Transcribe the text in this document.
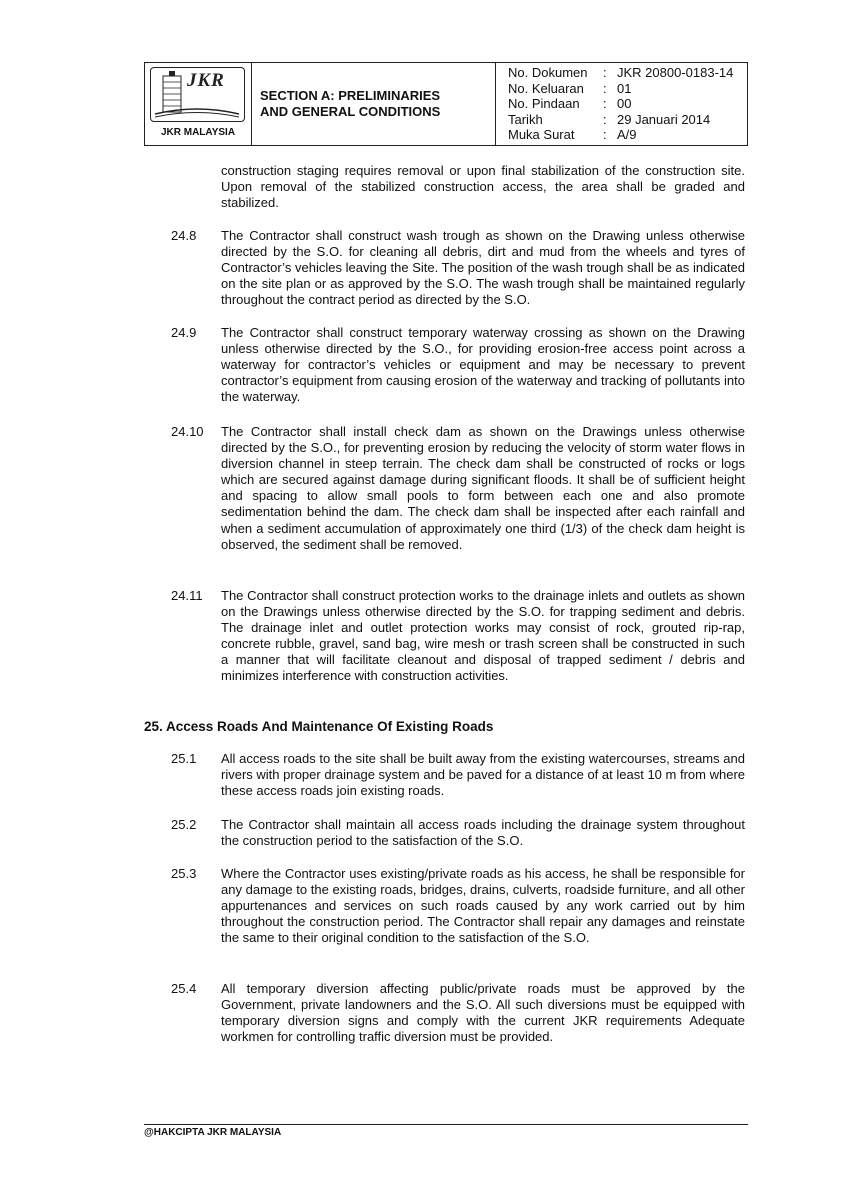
JKR
JKR MALAYSIA
SECTION A: PRELIMINARIES
AND GENERAL CONDITIONS
No. Dokumen	: JKR 20800-0183-14
No. Keluaran	: 01
No. Pindaan	: 00
Tarikh	: 29 Januari 2014
Muka Surat	: A/9
construction staging requires removal or upon final stabilization of the construction site. Upon removal of the stabilized construction access, the area shall be graded and stabilized.
24.8 The Contractor shall construct wash trough as shown on the Drawing unless otherwise directed by the S.O. for cleaning all debris, dirt and mud from the wheels and tyres of Contractor’s vehicles leaving the Site. The position of the wash trough shall be as indicated on the site plan or as approved by the S.O. The wash trough shall be maintained regularly throughout the contract period as directed by the S.O.
24.9 The Contractor shall construct temporary waterway crossing as shown on the Drawing unless otherwise directed by the S.O., for providing erosion-free access point across a waterway for contractor’s vehicles or equipment and may be necessary to prevent contractor’s equipment from causing erosion of the waterway and tracking of pollutants into the waterway.
24.10 The Contractor shall install check dam as shown on the Drawings unless otherwise directed by the S.O., for preventing erosion by reducing the velocity of storm water flows in diversion channel in steep terrain. The check dam shall be constructed of rocks or logs which are secured against damage during significant floods. It shall be of sufficient height and spacing to allow small pools to form between each one and also promote sedimentation behind the dam. The check dam shall be inspected after each rainfall and when a sediment accumulation of approximately one third (1/3) of the check dam height is observed, the sediment shall be removed.
24.11 The Contractor shall construct protection works to the drainage inlets and outlets as shown on the Drawings unless otherwise directed by the S.O. for trapping sediment and debris. The drainage inlet and outlet protection works may consist of rock, grouted rip-rap, concrete rubble, gravel, sand bag, wire mesh or trash screen shall be constructed in such a manner that will facilitate cleanout and disposal of trapped sediment / debris and minimizes interference with construction activities.
25. Access Roads And Maintenance Of Existing Roads
25.1 All access roads to the site shall be built away from the existing watercourses, streams and rivers with proper drainage system and be paved for a distance of at least 10 m from where these access roads join existing roads.
25.2 The Contractor shall maintain all access roads including the drainage system throughout the construction period to the satisfaction of the S.O.
25.3 Where the Contractor uses existing/private roads as his access, he shall be responsible for any damage to the existing roads, bridges, drains, culverts, roadside furniture, and all other appurtenances and services on such roads caused by any work carried out by him throughout the construction period. The Contractor shall repair any damages and reinstate the same to their original condition to the satisfaction of the S.O.
25.4 All temporary diversion affecting public/private roads must be approved by the Government, private landowners and the S.O. All such diversions must be equipped with temporary diversion signs and comply with the current JKR requirements Adequate workmen for controlling traffic diversion must be provided.
@HAKCIPTA JKR MALAYSIA
